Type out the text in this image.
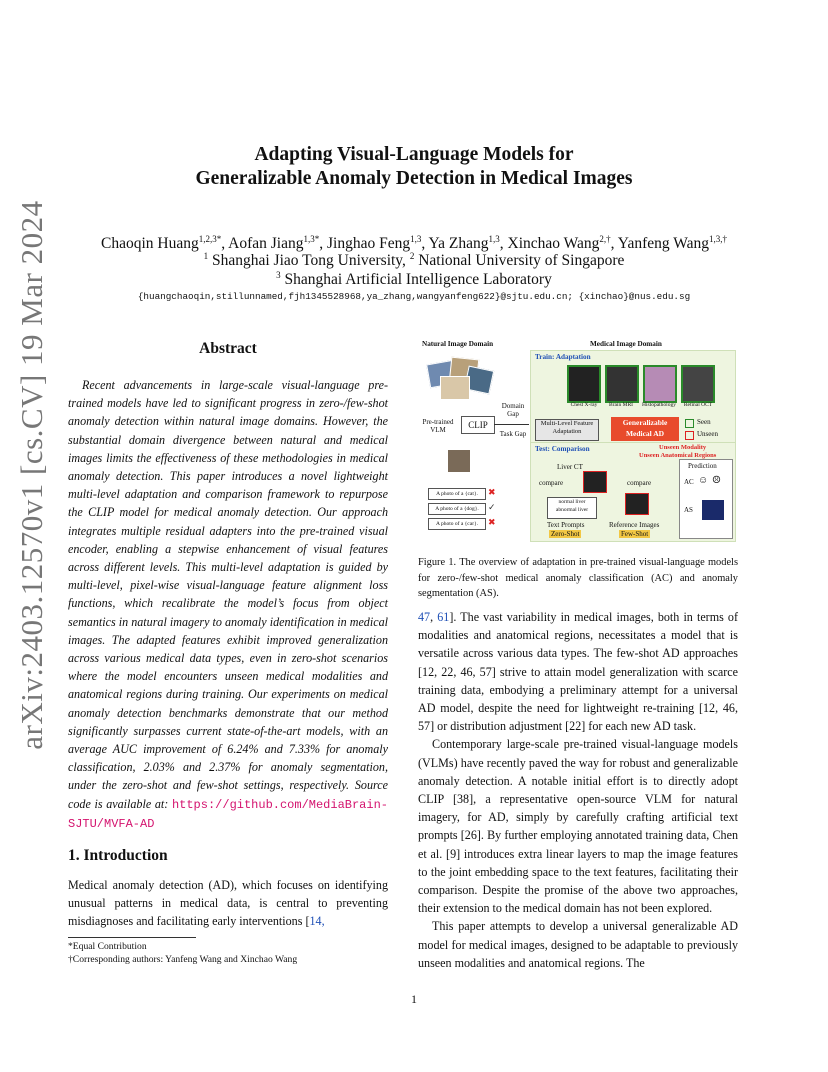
arXiv:2403.12570v1 [cs.CV] 19 Mar 2024
Adapting Visual-Language Models for
Generalizable Anomaly Detection in Medical Images
Chaoqin Huang$^{1,2,3*}$, Aofan Jiang$^{1,3*}$, Jinghao Feng$^{1,3}$, Ya Zhang$^{1,3}$, Xinchao Wang$^{2,\dagger}$, Yanfeng Wang$^{1,3,\dagger}$
$^1$ Shanghai Jiao Tong University, $^2$ National University of Singapore
$^3$ Shanghai Artificial Intelligence Laboratory
{huangchaoqin,stillunnamed,fjh1345528968,ya_zhang,wangyanfeng622}@sjtu.edu.cn; {xinchao}@nus.edu.sg
Abstract
Recent advancements in large-scale visual-language pre-trained models have led to significant progress in zero-/few-shot anomaly detection within natural image domains. However, the substantial domain divergence between natural and medical images limits the effectiveness of these methodologies in medical anomaly detection. This paper introduces a novel lightweight multi-level adaptation and comparison framework to repurpose the CLIP model for medical anomaly detection. Our approach integrates multiple residual adapters into the pre-trained visual encoder, enabling a stepwise enhancement of visual features across different levels. This multi-level adaptation is guided by multi-level, pixel-wise visual-language feature alignment loss functions, which recalibrate the model’s focus from object semantics in natural imagery to anomaly identification in medical images. The adapted features exhibit improved generalization across various medical data types, even in zero-shot scenarios where the model encounters unseen medical modalities and anatomical regions during training. Our experiments on medical anomaly detection benchmarks demonstrate that our method significantly surpasses current state-of-the-art models, with an average AUC improvement of 6.24% and 7.33% for anomaly classification, 2.03% and 2.37% for anomaly segmentation, under the zero-shot and few-shot settings, respectively. Source code is available at: https://github.com/MediaBrain-SJTU/MVFA-AD
1. Introduction

Medical anomaly detection (AD), which focuses on identifying unusual patterns in medical data, is central to preventing misdiagnoses and facilitating early interventions [14,

*Equal Contribution
†Corresponding authors: Yanfeng Wang and Xinchao Wang
Natural Image Domain	Medical Image Domain
Pre-trained VLM	CLIP
Domain Gap
Task Gap
A photo of a {cat}.
A photo of a {dog}.
A photo of a {car}.
✖
✓
✖
Train: Adaptation
Chest X-ray	Brain MRI	Histopathology	Retinal OCT
Multi-Level Feature Adaptation
Generalizable Medical AD
Seen
Unseen
Test: Comparison	Unseen Modality
Unseen Anatomical Regions
Liver CT
compare	compare
normal liver
abnormal liver
Text Prompts
Zero-Shot
Reference Images
Few-Shot
Prediction
AC ☺ ☹
AS
Figure 1. The overview of adaptation in pre-trained visual-language models for zero-/few-shot medical anomaly classification (AC) and anomaly segmentation (AS).

47, 61]. The vast variability in medical images, both in terms of modalities and anatomical regions, necessitates a model that is versatile across various data types. The few-shot AD approaches [12, 22, 46, 57] strive to attain model generalization with scarce training data, embodying a preliminary attempt for a universal AD model, despite the need for lightweight re-training [12, 46, 57] or distribution adjustment [22] for each new AD task.

Contemporary large-scale pre-trained visual-language models (VLMs) have recently paved the way for robust and generalizable anomaly detection. A notable initial effort is to directly adopt CLIP [38], a representative open-source VLM for natural imagery, for AD, simply by carefully crafting artificial text prompts [26]. By further employing annotated training data, Chen et al. [9] introduces extra linear layers to map the image features to the joint embedding space to the text features, facilitating their comparison. Despite the promise of the above two approaches, their extension to the medical domain has not been explored.

This paper attempts to develop a universal generalizable AD model for medical images, designed to be adaptable to previously unseen modalities and anatomical regions. The

1
